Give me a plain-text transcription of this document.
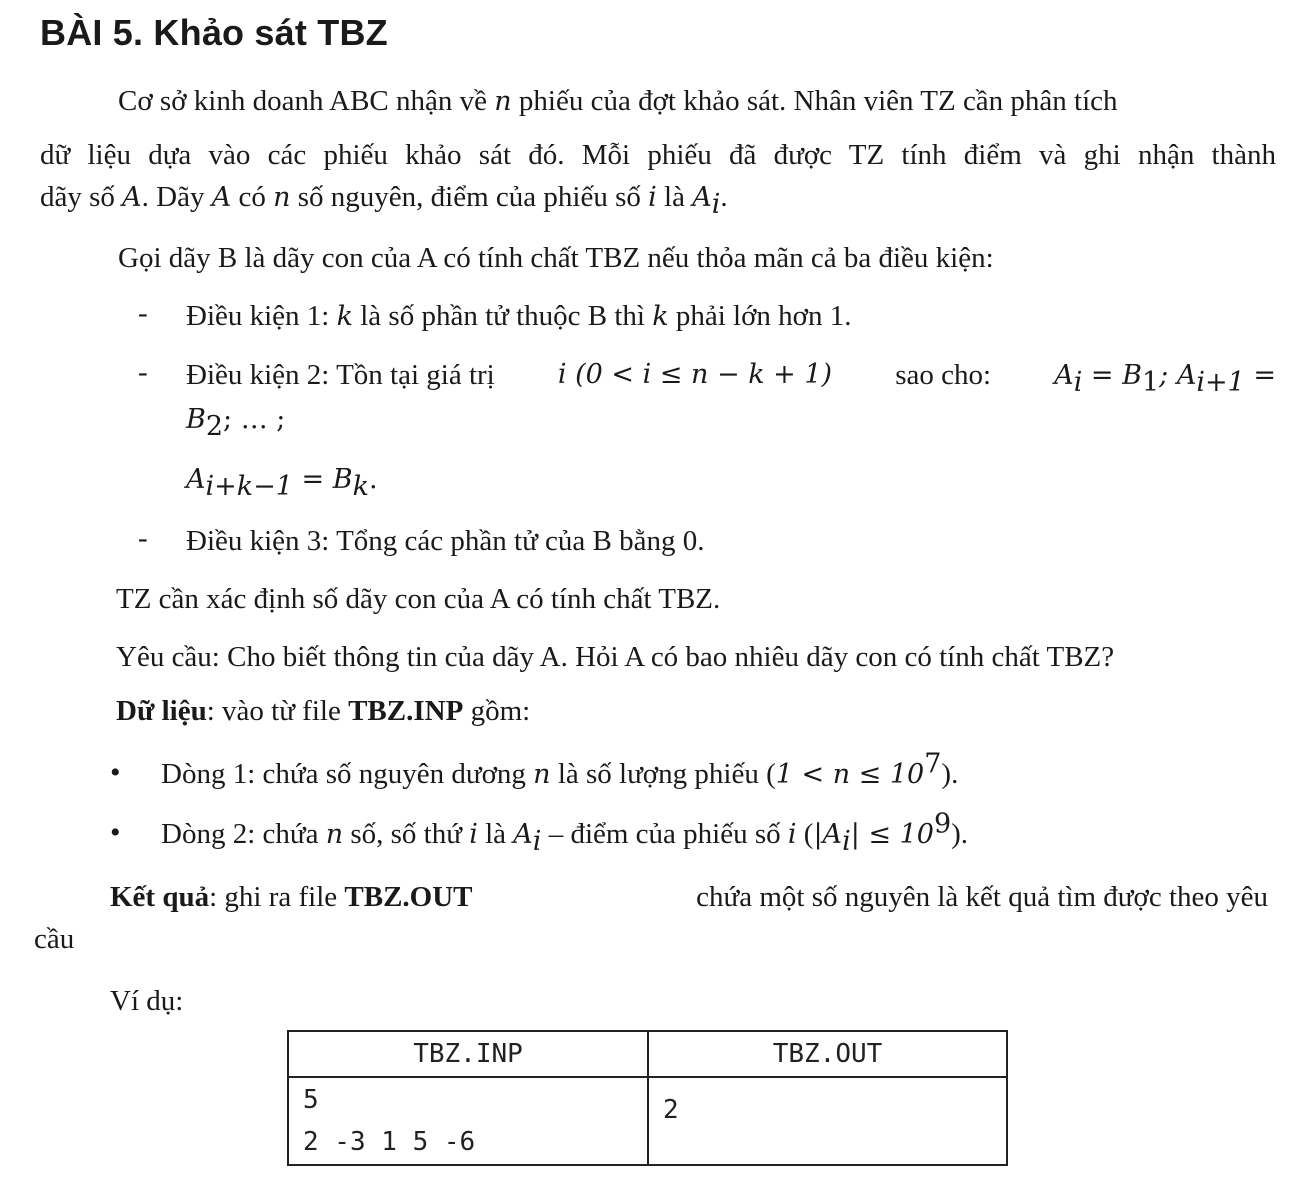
BÀI 5. Khảo sát TBZ
Cơ sở kinh doanh ABC nhận về n phiếu của đợt khảo sát. Nhân viên TZ cần phân tích
dữ liệu dựa vào các phiếu khảo sát đó. Mỗi phiếu đã được TZ tính điểm và ghi nhận thành
dãy số A. Dãy A có n số nguyên, điểm của phiếu số i là $A_i$.
Gọi dãy B là dãy con của A có tính chất TBZ nếu thỏa mãn cả ba điều kiện:
- Điều kiện 1: k là số phần tử thuộc B thì k phải lớn hơn 1.
- Điều kiện 2: Tồn tại giá trị i (0 < i ≤ n − k + 1) sao cho: $A_i = B_1$; $A_{i+1}$ =
$B_2$; … ;
$A_{i+k-1} = B_k$.
- Điều kiện 3: Tổng các phần tử của B bằng 0.
TZ cần xác định số dãy con của A có tính chất TBZ.
Yêu cầu: Cho biết thông tin của dãy A. Hỏi A có bao nhiêu dãy con có tính chất TBZ?
Dữ liệu: vào từ file TBZ.INP gồm:
• Dòng 1: chứa số nguyên dương n là số lượng phiếu $(1 < n \le 10^7)$.
• Dòng 2: chứa n số, số thứ i là $A_i$ – điểm của phiếu số i $(|A_i| \le 10^9)$.
Kết quả: ghi ra file TBZ.OUT	chứa một số nguyên là kết quả tìm được theo yêu
cầu
Ví dụ:
TBZ.INP	TBZ.OUT

5
2 -3 1 5 -6	2
